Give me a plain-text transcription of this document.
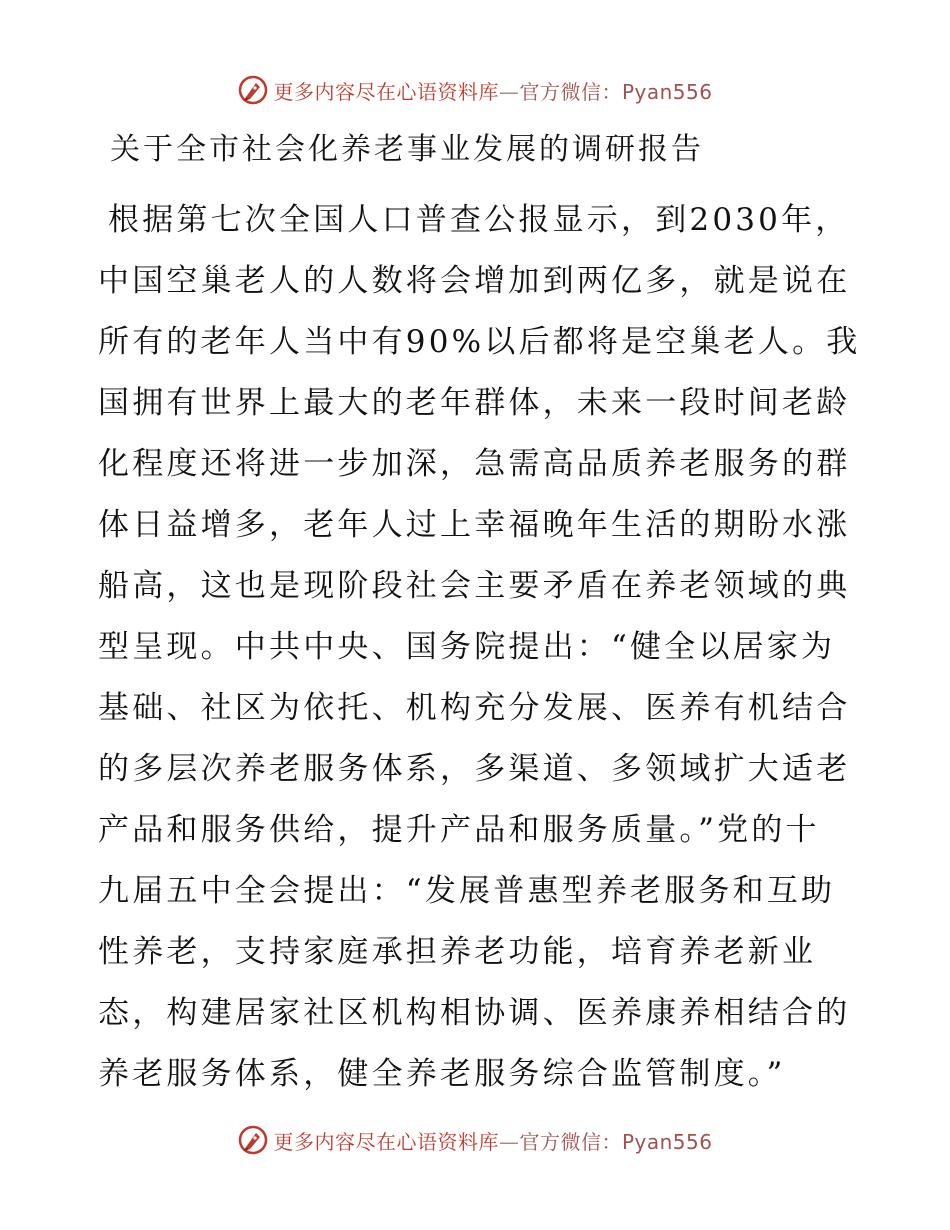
更多内容尽在心语资料库—官方微信：Pyan556
关于全市社会化养老事业发展的调研报告
根据第七次全国人口普查公报显示，到2030年，
中国空巢老人的人数将会增加到两亿多，就是说在
所有的老年人当中有90%以后都将是空巢老人。我
国拥有世界上最大的老年群体，未来一段时间老龄
化程度还将进一步加深，急需高品质养老服务的群
体日益增多，老年人过上幸福晚年生活的期盼水涨
船高，这也是现阶段社会主要矛盾在养老领域的典
型呈现。中共中央、国务院提出：“健全以居家为
基础、社区为依托、机构充分发展、医养有机结合
的多层次养老服务体系，多渠道、多领域扩大适老
产品和服务供给，提升产品和服务质量。”党的十
九届五中全会提出：“发展普惠型养老服务和互助
性养老，支持家庭承担养老功能，培育养老新业
态，构建居家社区机构相协调、医养康养相结合的
养老服务体系，健全养老服务综合监管制度。”
更多内容尽在心语资料库—官方微信：Pyan556
